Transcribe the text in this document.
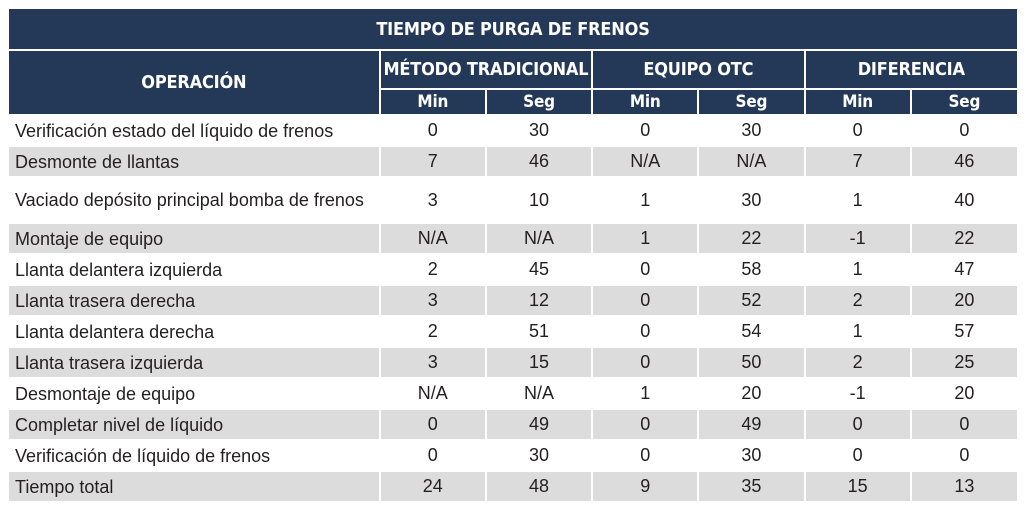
TIEMPO DE PURGA DE FRENOS						
OPERACIÓN	MÉTODO TRADICIONAL		EQUIPO OTC		DIFERENCIA	
	Min	Seg	Min	Seg	Min	Seg
Verificación estado del líquido de frenos	0	30	0	30	0	0
Desmonte de llantas	7	46	N/A	N/A	7	46
Vaciado depósito principal bomba de frenos	3	10	1	30	1	40
Montaje de equipo	N/A	N/A	1	22	-1	22
Llanta delantera izquierda	2	45	0	58	1	47
Llanta trasera derecha	3	12	0	52	2	20
Llanta delantera derecha	2	51	0	54	1	57
Llanta trasera izquierda	3	15	0	50	2	25
Desmontaje de equipo	N/A	N/A	1	20	-1	20
Completar nivel de líquido	0	49	0	49	0	0
Verificación de líquido de frenos	0	30	0	30	0	0
Tiempo total	24	48	9	35	15	13
